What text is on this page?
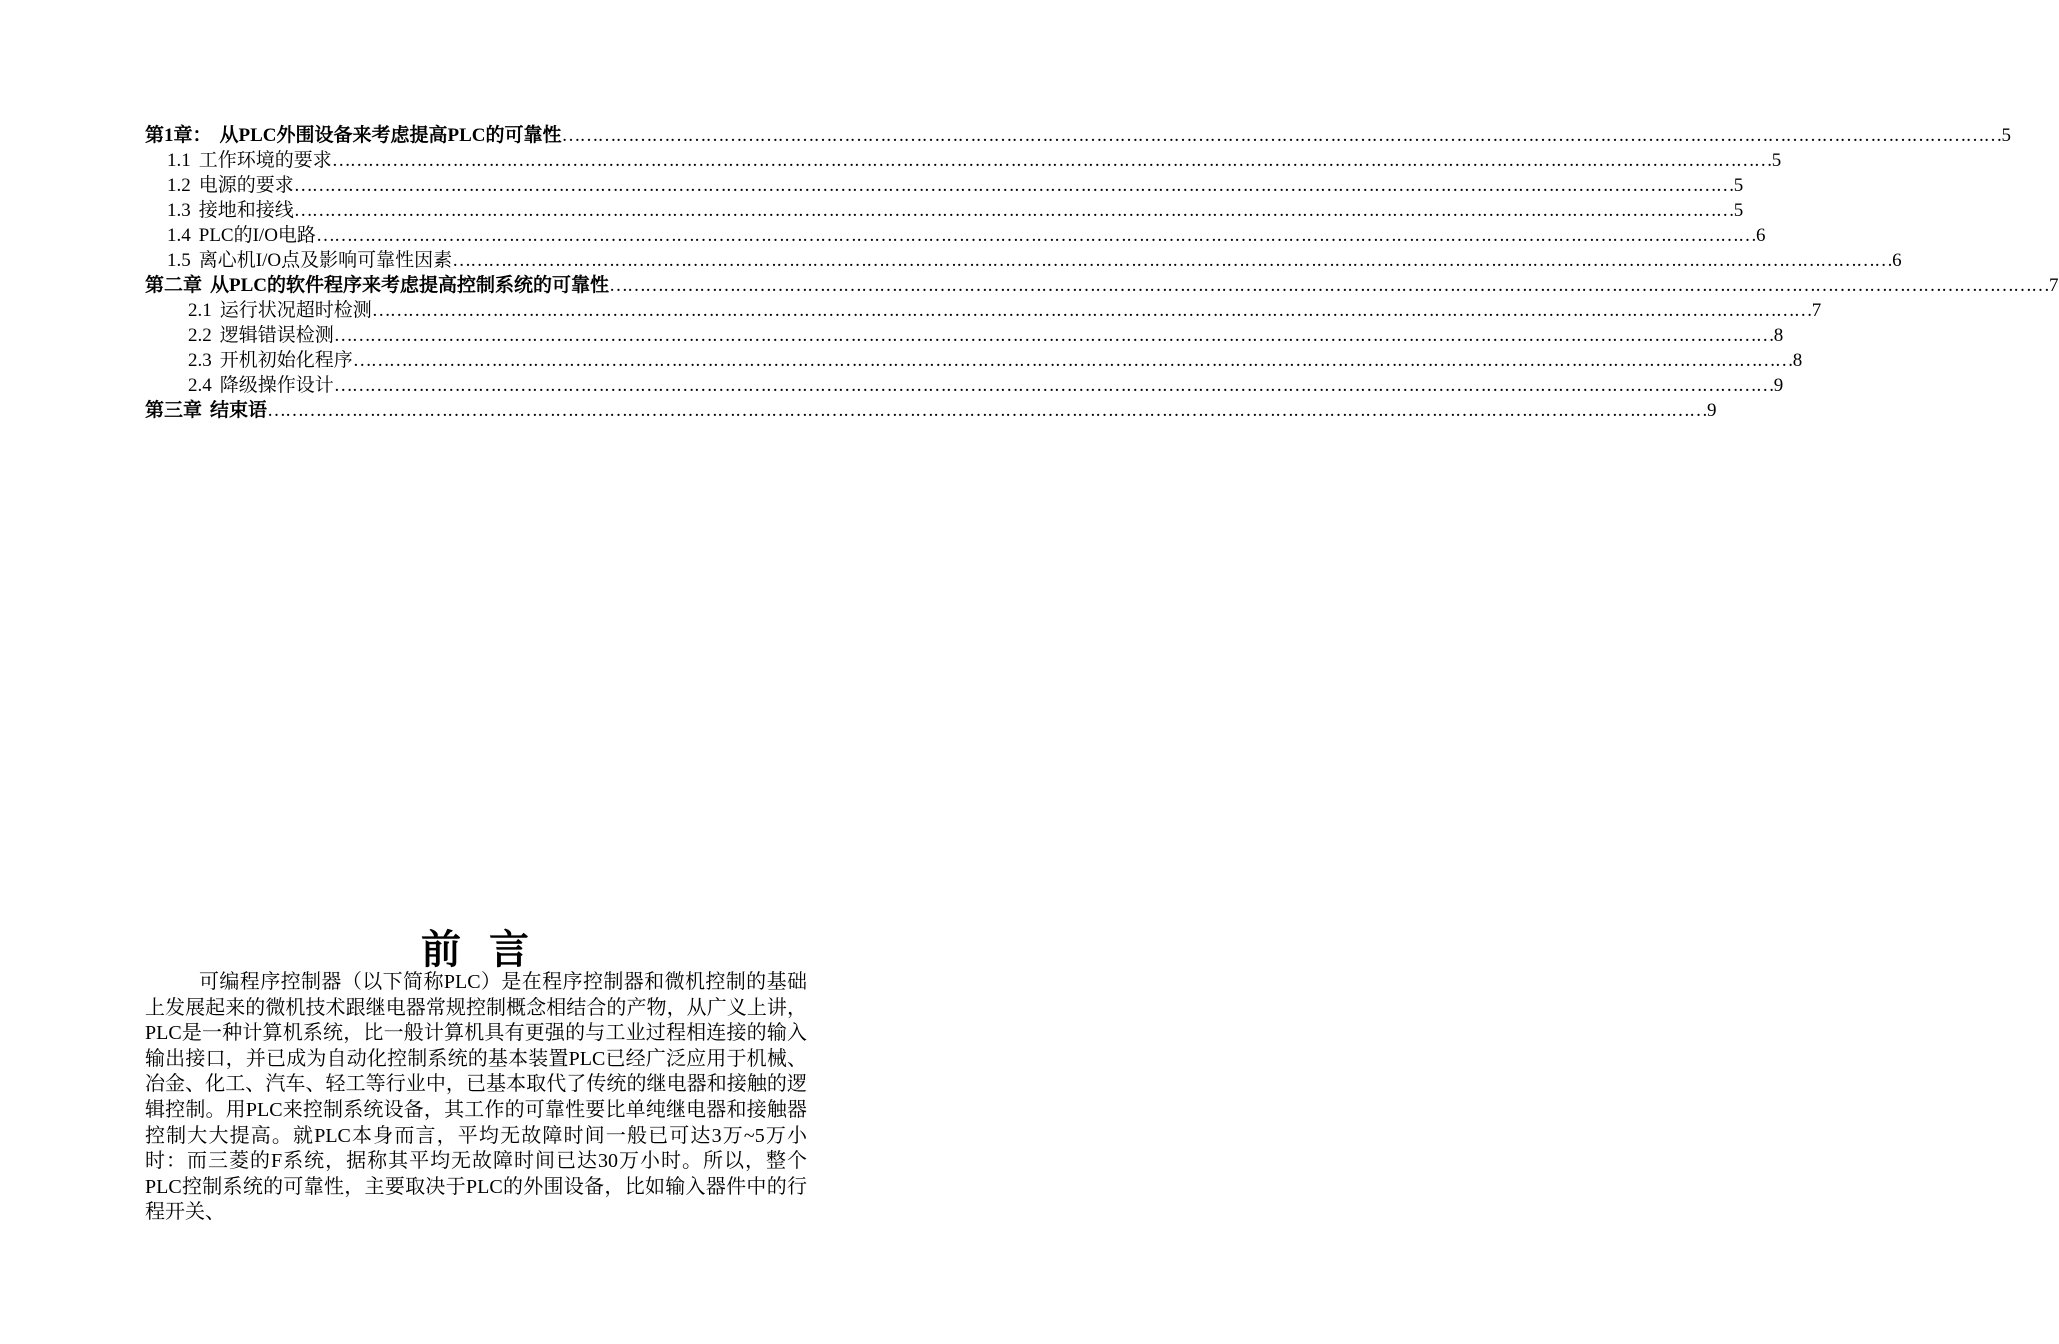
第1章： 从PLC外围设备来考虑提高PLC的可靠性 …………………………………………………………………………………………………………………………………………………………………………………………………………………… 5
1.1 工作环境的要求 …………………………………………………………………………………………………………………………………………………………………………………………………………………… 5
1.2 电源的要求 …………………………………………………………………………………………………………………………………………………………………………………………………………………… 5
1.3 接地和接线 …………………………………………………………………………………………………………………………………………………………………………………………………………………… 5
1.4 PLC的I/O电路 …………………………………………………………………………………………………………………………………………………………………………………………………………………… 6
1.5 离心机I/O点及影响可靠性因素 …………………………………………………………………………………………………………………………………………………………………………………………………………………… 6
第二章 从PLC的软件程序来考虑提高控制系统的可靠性 …………………………………………………………………………………………………………………………………………………………………………………………………………………… 7
2.1 运行状况超时检测 …………………………………………………………………………………………………………………………………………………………………………………………………………………… 7
2.2 逻辑错误检测 …………………………………………………………………………………………………………………………………………………………………………………………………………………… 8
2.3 开机初始化程序 …………………………………………………………………………………………………………………………………………………………………………………………………………………… 8
2.4 降级操作设计 …………………………………………………………………………………………………………………………………………………………………………………………………………………… 9
第三章 结束语 …………………………………………………………………………………………………………………………………………………………………………………………………………………… 9
前言

可编程序控制器（以下简称PLC）是在程序控制器和微机控制的基础上发展起来的微机技术跟继电器常规控制概念相结合的产物，从广义上讲，PLC是一种计算机系统，比一般计算机具有更强的与工业过程相连接的输入输出接口，并已成为自动化控制系统的基本装置PLC已经广泛应用于机械、冶金、化工、汽车、轻工等行业中，已基本取代了传统的继电器和接触的逻辑控制。用PLC来控制系统设备，其工作的可靠性要比单纯继电器和接触器控制大大提高。就PLC本身而言，平均无故障时间一般已可达3万~5万小时：而三菱的F系统，据称其平均无故障时间已达30万小时。所以，整个PLC控制系统的可靠性，主要取决于PLC的外围设备，比如输入器件中的行程开关、
